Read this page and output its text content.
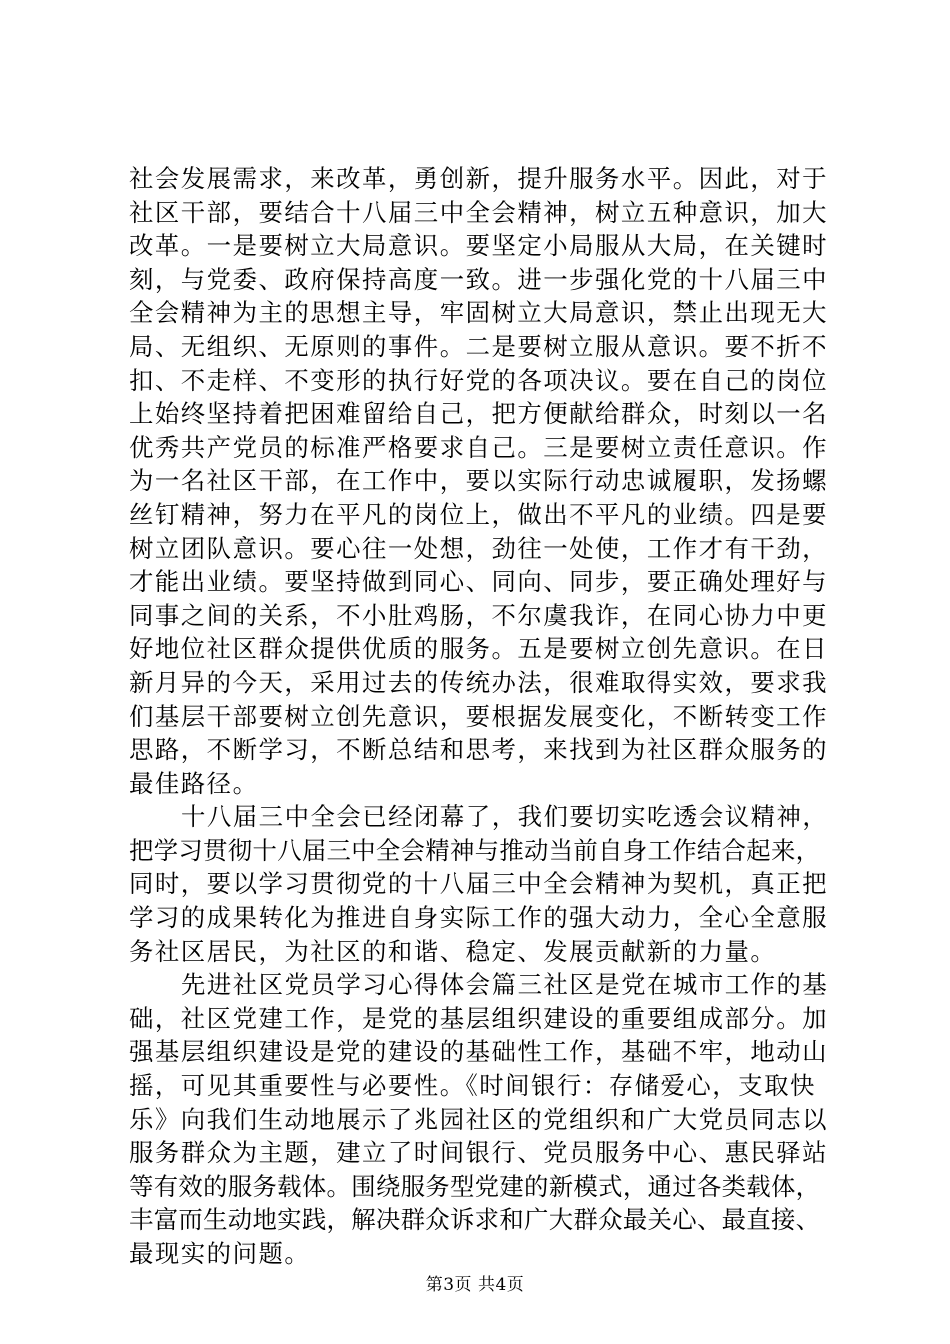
社会发展需求，来改革，勇创新，提升服务水平。因此，对于
社区干部，要结合十八届三中全会精神，树立五种意识，加大
改革。一是要树立大局意识。要坚定小局服从大局，在关键时
刻，与党委、政府保持高度一致。进一步强化党的十八届三中
全会精神为主的思想主导，牢固树立大局意识，禁止出现无大
局、无组织、无原则的事件。二是要树立服从意识。要不折不
扣、不走样、不变形的执行好党的各项决议。要在自己的岗位
上始终坚持着把困难留给自己，把方便献给群众，时刻以一名
优秀共产党员的标准严格要求自己。三是要树立责任意识。作
为一名社区干部，在工作中，要以实际行动忠诚履职，发扬螺
丝钉精神，努力在平凡的岗位上，做出不平凡的业绩。四是要
树立团队意识。要心往一处想，劲往一处使，工作才有干劲，
才能出业绩。要坚持做到同心、同向、同步，要正确处理好与
同事之间的关系，不小肚鸡肠，不尔虞我诈，在同心协力中更
好地位社区群众提供优质的服务。五是要树立创先意识。在日
新月异的今天，采用过去的传统办法，很难取得实效，要求我
们基层干部要树立创先意识，要根据发展变化，不断转变工作
思路，不断学习，不断总结和思考，来找到为社区群众服务的
最佳路径。
十八届三中全会已经闭幕了，我们要切实吃透会议精神，
把学习贯彻十八届三中全会精神与推动当前自身工作结合起来，
同时，要以学习贯彻党的十八届三中全会精神为契机，真正把
学习的成果转化为推进自身实际工作的强大动力，全心全意服
务社区居民，为社区的和谐、稳定、发展贡献新的力量。
先进社区党员学习心得体会篇三社区是党在城市工作的基
础，社区党建工作，是党的基层组织建设的重要组成部分。加
强基层组织建设是党的建设的基础性工作，基础不牢，地动山
摇，可见其重要性与必要性。《时间银行：存储爱心，支取快
乐》向我们生动地展示了兆园社区的党组织和广大党员同志以
服务群众为主题，建立了时间银行、党员服务中心、惠民驿站
等有效的服务载体。围绕服务型党建的新模式，通过各类载体，
丰富而生动地实践，解决群众诉求和广大群众最关心、最直接、
最现实的问题。
第3页 共4页
